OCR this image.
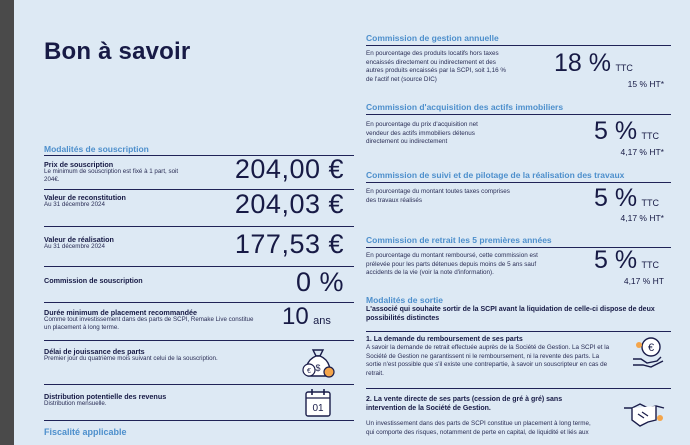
Bon à savoir
Modalités de souscription
Prix de souscription
Le minimum de souscription est fixé à 1 part, soit 204€.	204,00 €
Valeur de reconstitution
Au 31 décembre 2024	204,03 €
Valeur de réalisation
Au 31 décembre 2024	177,53 €
Commission de souscription	0 %
Durée minimum de placement recommandée
Comme tout investissement dans des parts de SCPI, Remake Live constitue un placement à long terme.	10 ans
Délai de jouissance des parts
Premier jour du quatrième mois suivant celui de la souscription.
$
€
Distribution potentielle des revenus
Distribution mensuelle.	01
Fiscalité applicable
Commission de gestion annuelle
En pourcentage des produits locatifs hors taxes encaissés directement ou indirectement et des autres produits encaissés par la SCPI, soit 1,16 % de l'actif net (source DIC)
18 % TTC
15 % HT*
Commission d'acquisition des actifs immobiliers
En pourcentage du prix d'acquisition net vendeur des actifs immobiliers détenus directement ou indirectement	5 % TTC
4,17 % HT*
Commission de suivi et de pilotage de la réalisation des travaux
En pourcentage du montant toutes taxes comprises des travaux réalisés	5 % TTC
4,17 % HT*
Commission de retrait les 5 premières années
En pourcentage du montant remboursé, cette commission est prélevée pour les parts détenues depuis moins de 5 ans sauf accidents de la vie (voir la note d'information).	5 % TTC
4,17 % HT
Modalités de sortie
L'associé qui souhaite sortir de la SCPI avant la liquidation de celle-ci dispose de deux possibilités distinctes
1. La demande du remboursement de ses parts
A savoir la demande de retrait effectuée auprès de la Société de Gestion. La SCPI et la Société de Gestion ne garantissent ni le remboursement, ni la revente des parts. La sortie n'est possible que s'il existe une contrepartie, à savoir un souscripteur en cas de retrait.
€
2. La vente directe de ses parts (cession de gré à gré) sans intervention de la Société de Gestion.
Un investissement dans des parts de SCPI constitue un placement à long terme, qui comporte des risques, notamment de perte en capital, de liquidité et liés aux
